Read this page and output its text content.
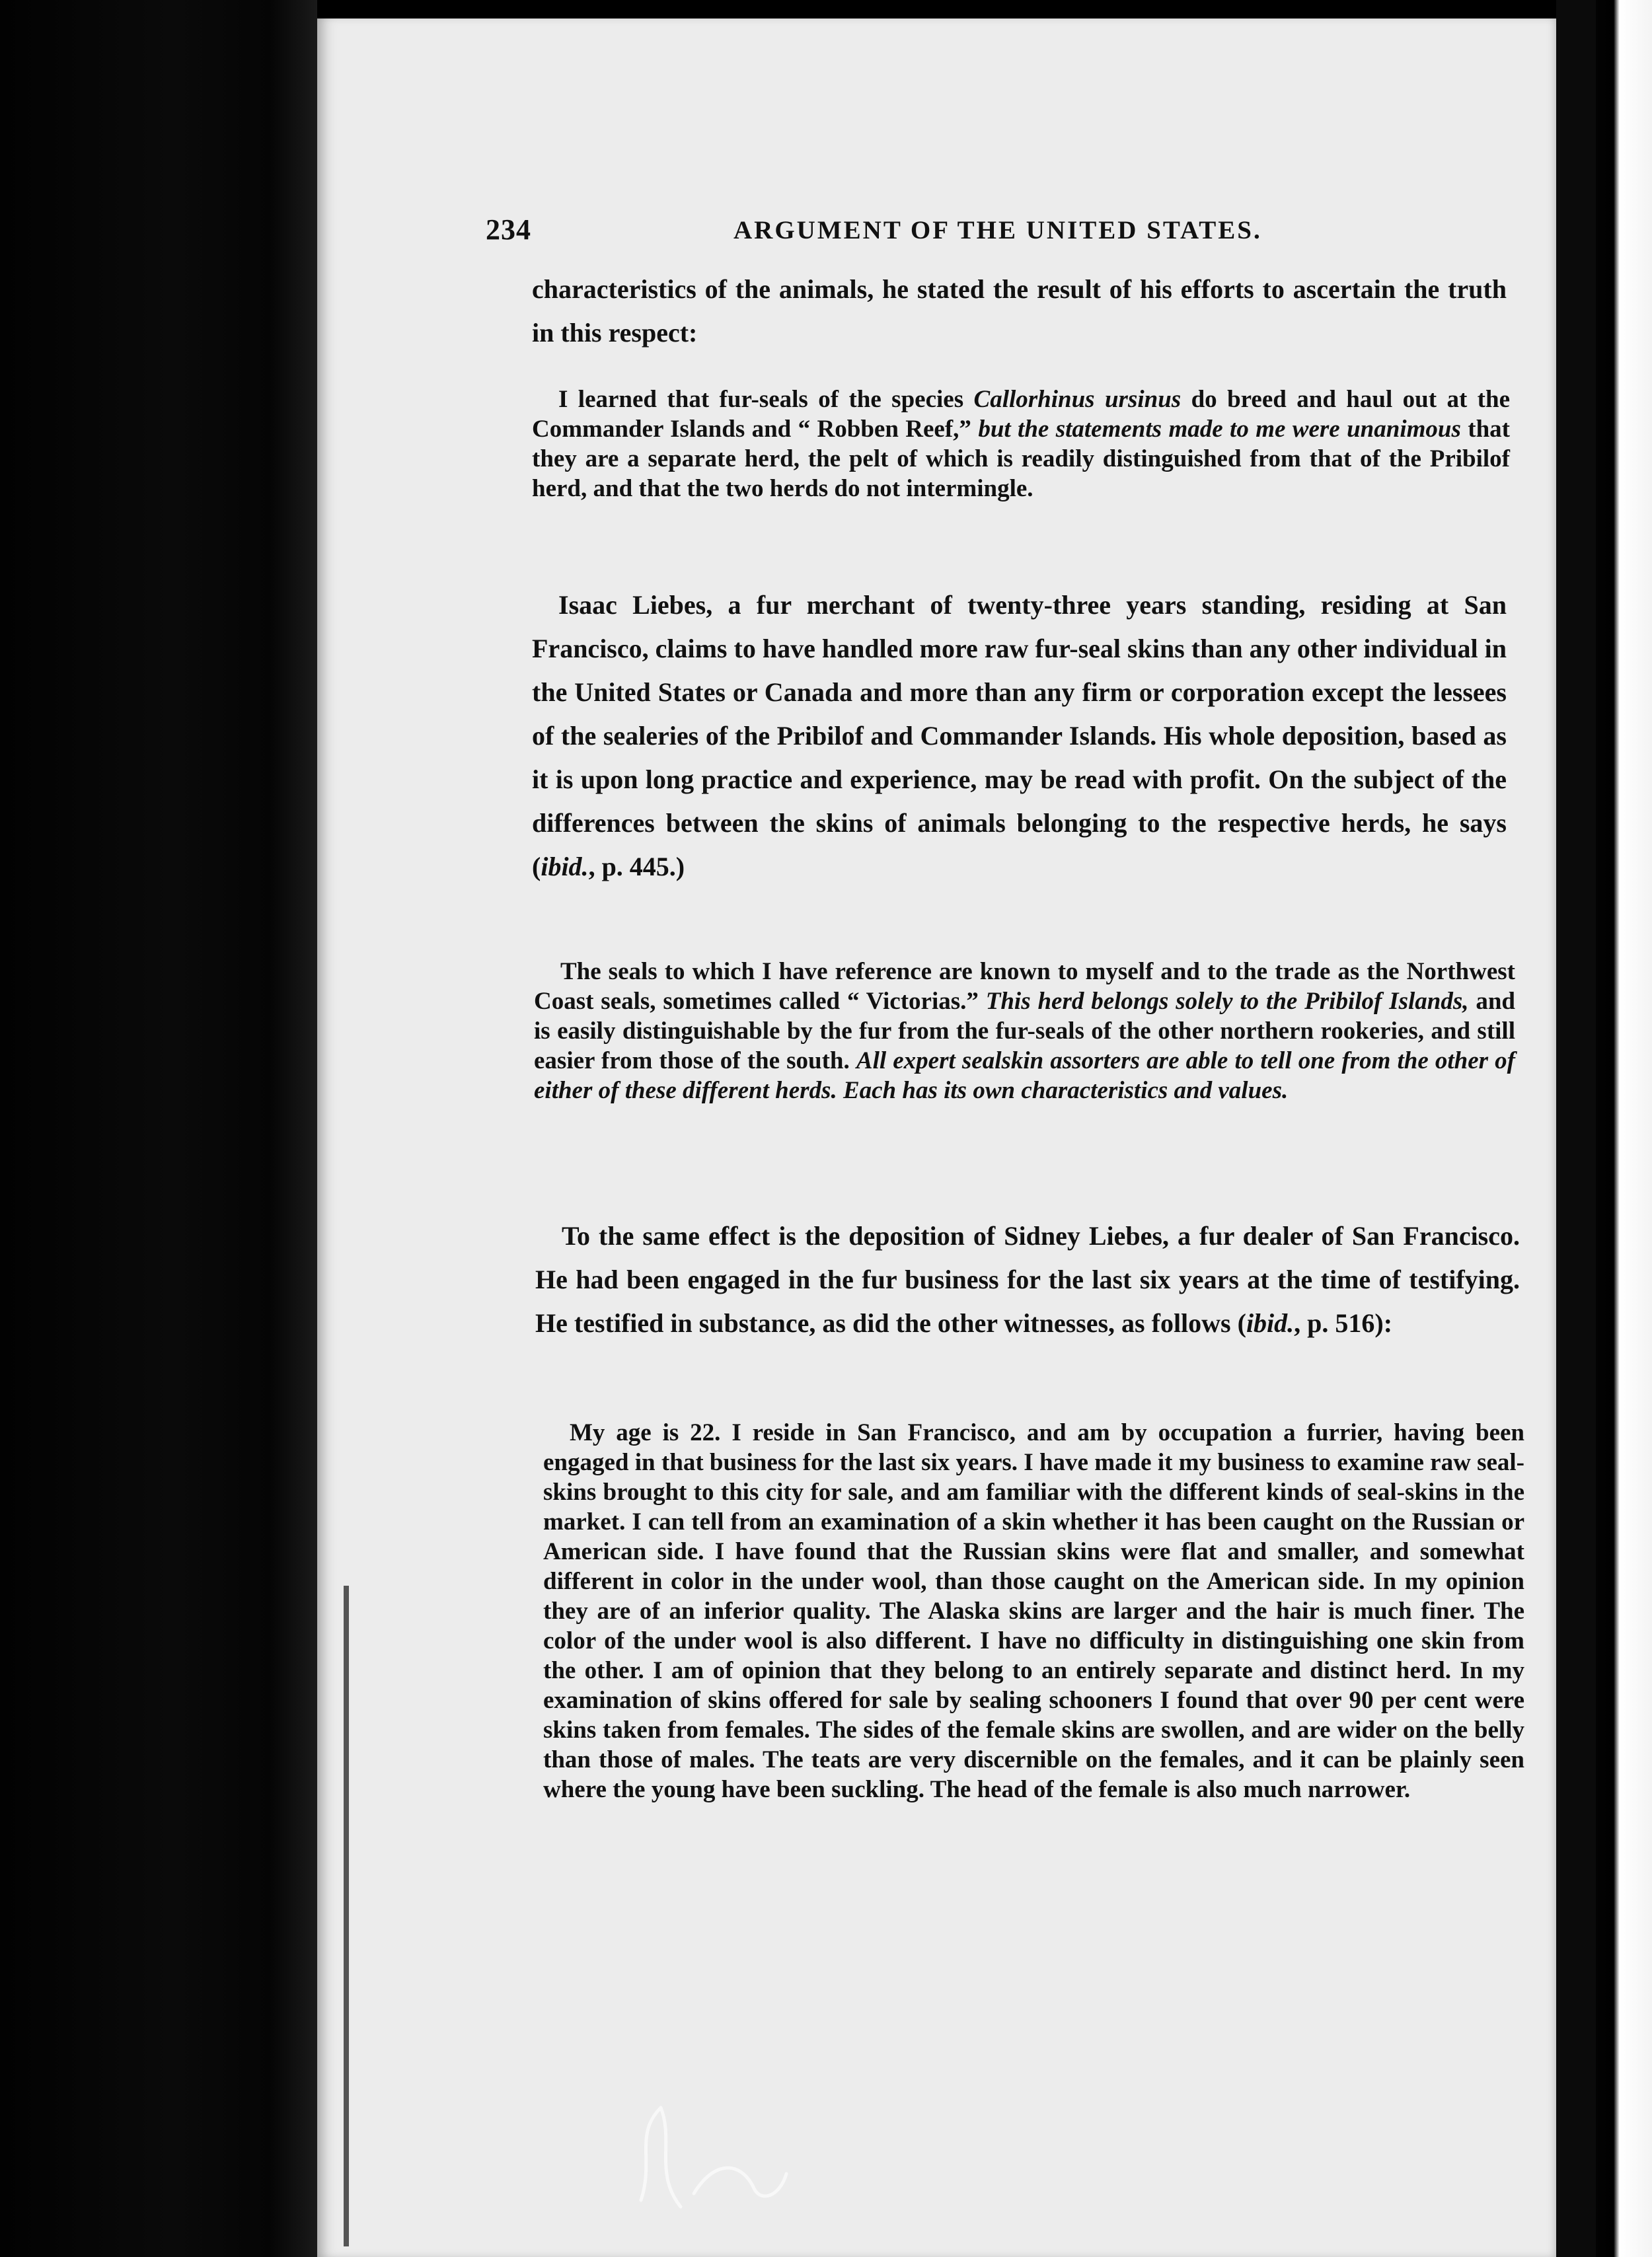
234	ARGUMENT OF THE UNITED STATES.

characteristics of the animals, he stated the result of his efforts to ascertain the truth in this respect:

I learned that fur-seals of the species Callorhinus ursinus do breed and haul out at the Commander Islands and “ Robben Reef,” but the statements made to me were unanimous that they are a separate herd, the pelt of which is readily distinguished from that of the Pribilof herd, and that the two herds do not intermingle.

Isaac Liebes, a fur merchant of twenty-three years standing, residing at San Francisco, claims to have handled more raw fur-seal skins than any other individual in the United States or Canada and more than any firm or corporation except the lessees of the sealeries of the Pribilof and Commander Islands. His whole deposition, based as it is upon long practice and experience, may be read with profit. On the subject of the differences between the skins of animals belonging to the respective herds, he says (ibid., p. 445.)

The seals to which I have reference are known to myself and to the trade as the Northwest Coast seals, sometimes called “ Victorias.” This herd belongs solely to the Pribilof Islands, and is easily distinguishable by the fur from the fur-seals of the other northern rookeries, and still easier from those of the south. All expert sealskin assorters are able to tell one from the other of either of these different herds. Each has its own characteristics and values.

To the same effect is the deposition of Sidney Liebes, a fur dealer of San Francisco. He had been engaged in the fur business for the last six years at the time of testifying. He testified in substance, as did the other witnesses, as follows (ibid., p. 516):

My age is 22. I reside in San Francisco, and am by occupation a furrier, having been engaged in that business for the last six years. I have made it my business to examine raw seal-skins brought to this city for sale, and am familiar with the different kinds of seal-skins in the market. I can tell from an examination of a skin whether it has been caught on the Russian or American side. I have found that the Russian skins were flat and smaller, and somewhat different in color in the under wool, than those caught on the American side. In my opinion they are of an inferior quality. The Alaska skins are larger and the hair is much finer. The color of the under wool is also different. I have no difficulty in distinguishing one skin from the other. I am of opinion that they belong to an entirely separate and distinct herd. In my examination of skins offered for sale by sealing schooners I found that over 90 per cent were skins taken from females. The sides of the female skins are swollen, and are wider on the belly than those of males. The teats are very discernible on the females, and it can be plainly seen where the young have been suckling. The head of the female is also much narrower.
